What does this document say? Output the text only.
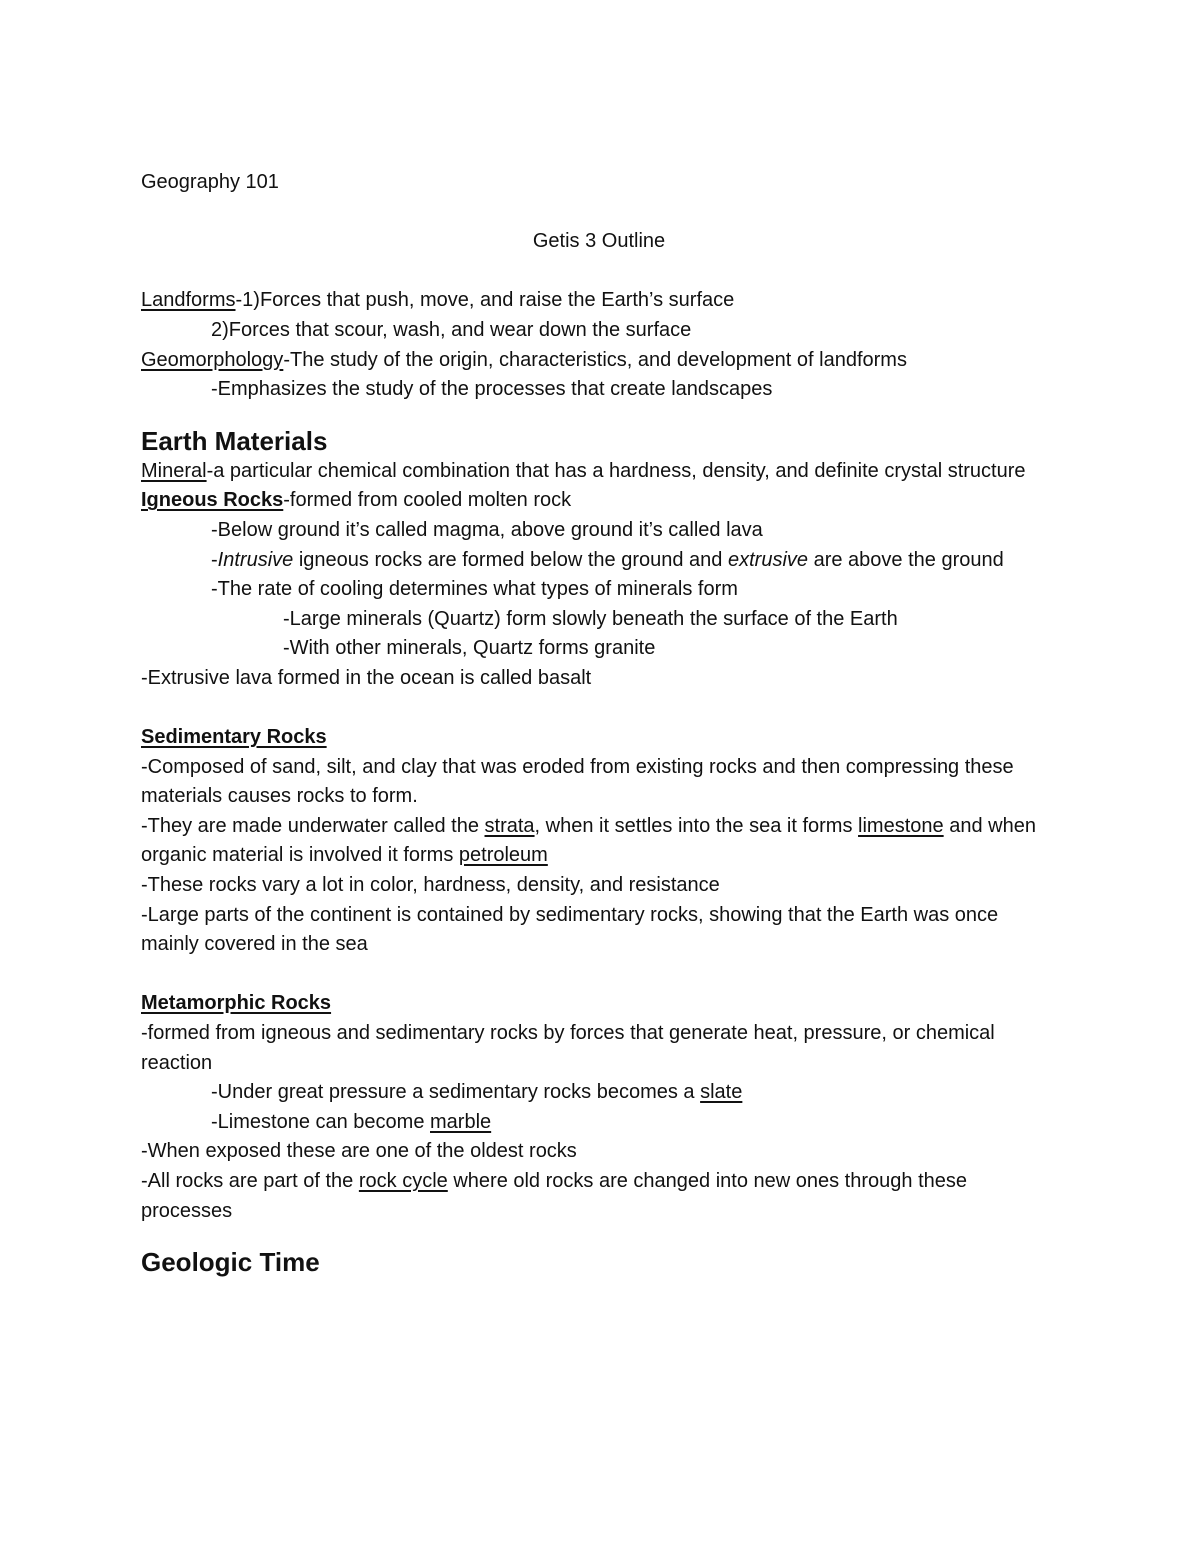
Geography 101
Getis 3 Outline
Landforms-1)Forces that push, move, and raise the Earth’s surface
2)Forces that scour, wash, and wear down the surface
Geomorphology-The study of the origin, characteristics, and development of landforms
-Emphasizes the study of the processes that create landscapes
Earth Materials
Mineral-a particular chemical combination that has a hardness, density, and definite crystal structure
Igneous Rocks-formed from cooled molten rock
-Below ground it’s called magma, above ground it’s called lava
-Intrusive igneous rocks are formed below the ground and extrusive are above the ground
-The rate of cooling determines what types of minerals form
-Large minerals (Quartz) form slowly beneath the surface of the Earth
-With other minerals, Quartz forms granite
-Extrusive lava formed in the ocean is called basalt
Sedimentary Rocks
-Composed of sand, silt, and clay that was eroded from existing rocks and then compressing these materials causes rocks to form.
-They are made underwater called the strata, when it settles into the sea it forms limestone and when organic material is involved it forms petroleum
-These rocks vary a lot in color, hardness, density, and resistance
-Large parts of the continent is contained by sedimentary rocks, showing that the Earth was once mainly covered in the sea
Metamorphic Rocks
-formed from igneous and sedimentary rocks by forces that generate heat, pressure, or chemical reaction
-Under great pressure a sedimentary rocks becomes a slate
-Limestone can become marble
-When exposed these are one of the oldest rocks
-All rocks are part of the rock cycle where old rocks are changed into new ones through these processes
Geologic Time
